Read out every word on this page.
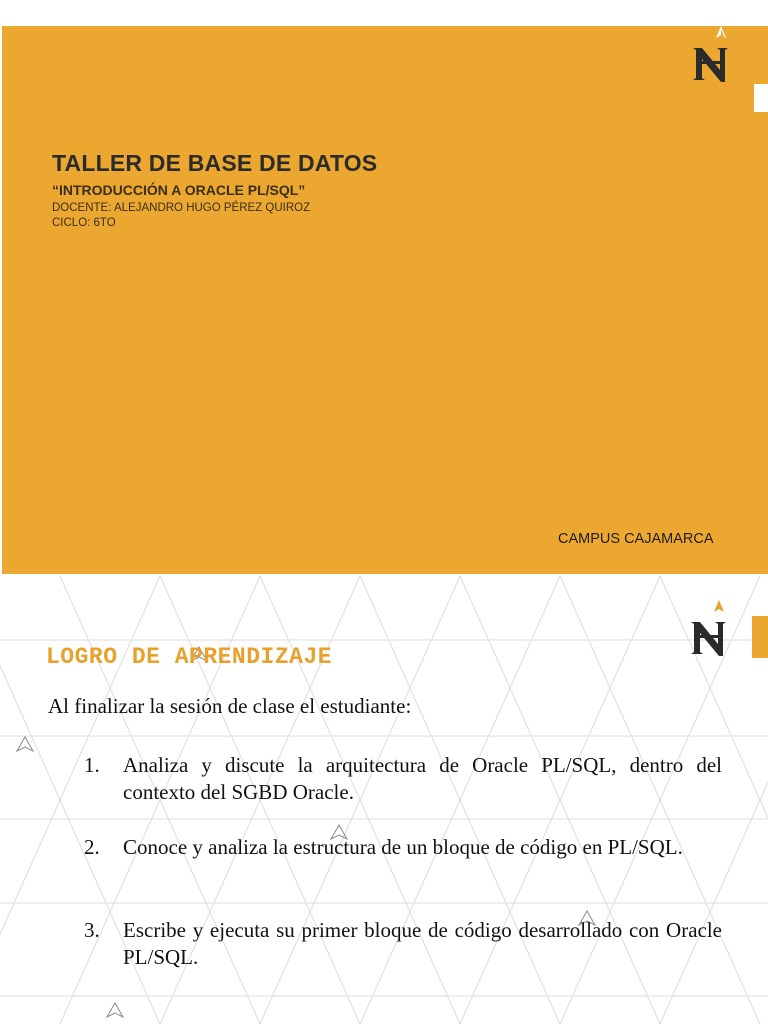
TALLER DE BASE DE DATOS
“INTRODUCCIÓN A ORACLE PL/SQL”
DOCENTE: ALEJANDRO HUGO PÉREZ QUIROZ
CICLO: 6TO
CAMPUS CAJAMARCA
LOGRO DE APRENDIZAJE
Al finalizar la sesión de clase el estudiante:
1. Analiza y discute la arquitectura de Oracle PL/SQL, dentro del contexto del SGBD Oracle.
2. Conoce y analiza la estructura de un bloque de código en PL/SQL.
3. Escribe y ejecuta su primer bloque de código desarrollado con Oracle PL/SQL.
